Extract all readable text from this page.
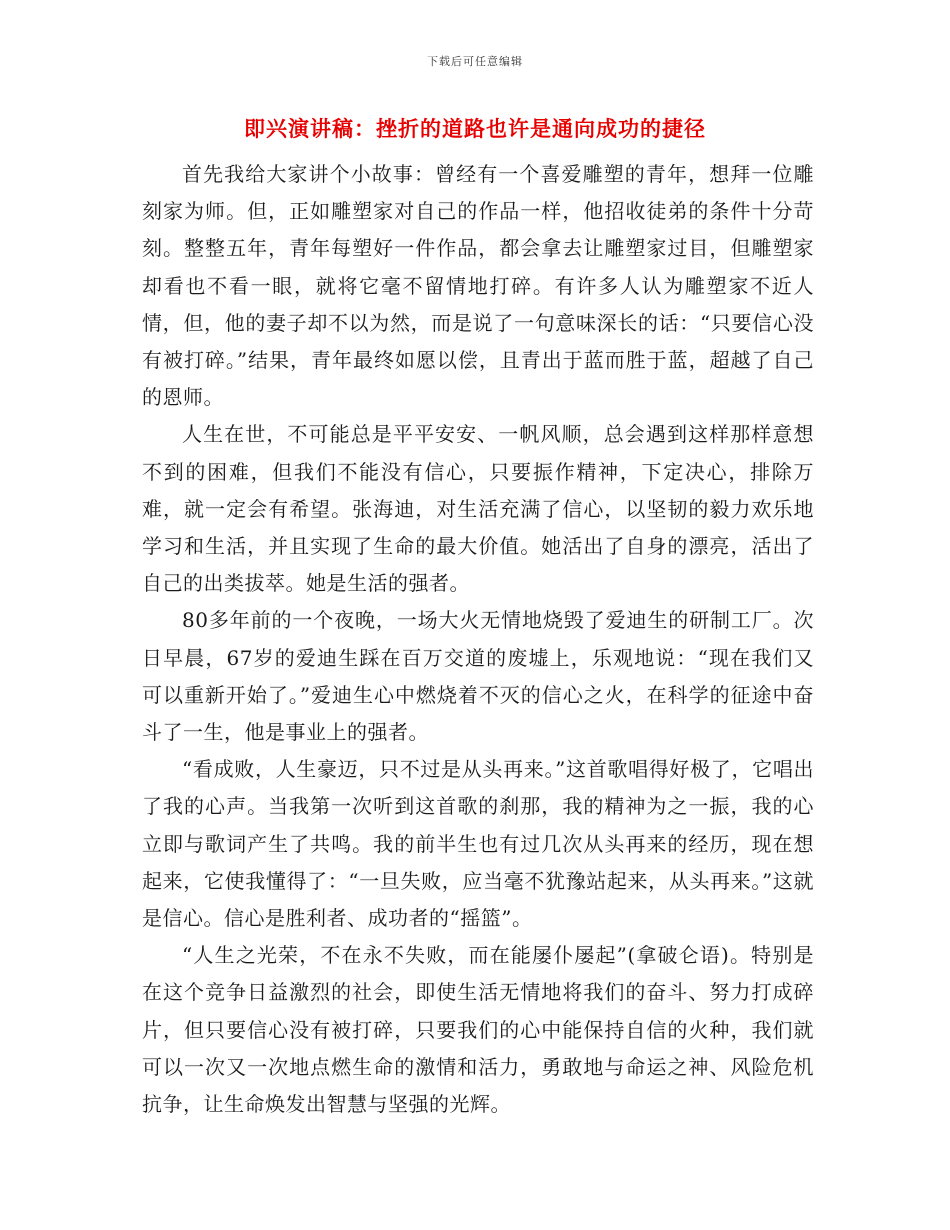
下载后可任意编辑
即兴演讲稿：挫折的道路也许是通向成功的捷径

首先我给大家讲个小故事：曾经有一个喜爱雕塑的青年，想拜一位雕刻家为师。但，正如雕塑家对自己的作品一样，他招收徒弟的条件十分苛刻。整整五年，青年每塑好一件作品，都会拿去让雕塑家过目，但雕塑家却看也不看一眼，就将它毫不留情地打碎。有许多人认为雕塑家不近人情，但，他的妻子却不以为然，而是说了一句意味深长的话：“只要信心没有被打碎。”结果，青年最终如愿以偿，且青出于蓝而胜于蓝，超越了自己的恩师。

人生在世，不可能总是平平安安、一帆风顺，总会遇到这样那样意想不到的困难，但我们不能没有信心，只要振作精神，下定决心，排除万难，就一定会有希望。张海迪，对生活充满了信心，以坚韧的毅力欢乐地学习和生活，并且实现了生命的最大价值。她活出了自身的漂亮，活出了自己的出类拔萃。她是生活的强者。

80多年前的一个夜晚，一场大火无情地烧毁了爱迪生的研制工厂。次日早晨，67岁的爱迪生踩在百万交道的废墟上，乐观地说：“现在我们又可以重新开始了。”爱迪生心中燃烧着不灭的信心之火，在科学的征途中奋斗了一生，他是事业上的强者。

“看成败，人生豪迈，只不过是从头再来。”这首歌唱得好极了，它唱出了我的心声。当我第一次听到这首歌的刹那，我的精神为之一振，我的心立即与歌词产生了共鸣。我的前半生也有过几次从头再来的经历，现在想起来，它使我懂得了：“一旦失败，应当毫不犹豫站起来，从头再来。”这就是信心。信心是胜利者、成功者的“摇篮”。

“人生之光荣，不在永不失败，而在能屡仆屡起”(拿破仑语)。特别是在这个竞争日益激烈的社会，即使生活无情地将我们的奋斗、努力打成碎片，但只要信心没有被打碎，只要我们的心中能保持自信的火种，我们就可以一次又一次地点燃生命的激情和活力，勇敢地与命运之神、风险危机抗争，让生命焕发出智慧与坚强的光辉。
